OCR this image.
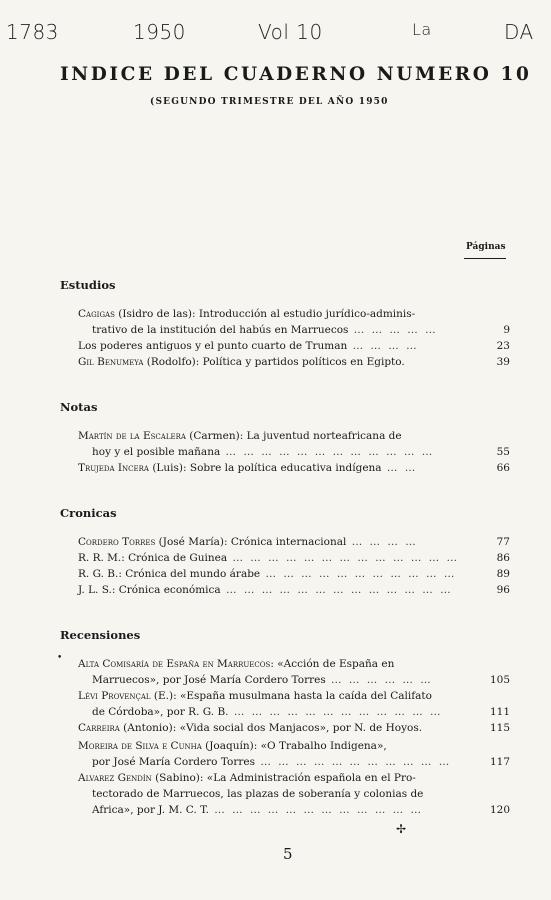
1783	1950	Vol 10	La	DA
INDICE DEL CUADERNO NUMERO 10
(SEGUNDO TRIMESTRE DEL AÑO 1950
Páginas
•
✢
5
Estudios
Cagigas (Isidro de las): Introducción al estudio jurídico-adminis-
trativo de la institución del habús en Marruecos … … … … …	9
Los poderes antiguos y el punto cuarto de Truman … … … …	23
Gil Benumeya (Rodolfo): Política y partidos políticos en Egipto.	39
Notas
Martín de la Escalera (Carmen): La juventud norteafricana de
hoy y el posible mañana … … … … … … … … … … … …	55
Trujeda Incera (Luis): Sobre la política educativa indígena … …	66
Cronicas
Cordero Torres (José María): Crónica internacional … … … …	77
R. R. M.: Crónica de Guinea … … … … … … … … … … … … …	86
R. G. B.: Crónica del mundo árabe … … … … … … … … … … …	89
J. L. S.: Crónica económica … … … … … … … … … … … … …	96
Recensiones
Alta Comisaría de España en Marruecos: «Acción de España en
Marruecos», por José María Cordero Torres … … … … … …	105
Lévi Provençal (E.): «España musulmana hasta la caída del Califato
de Córdoba», por R. G. B. … … … … … … … … … … … …	111
Carreira (Antonio): «Vida social dos Manjacos», por N. de Hoyos.	115
Moreira de Silva e Cunha (Joaquín): «O Trabalho Indigena»,
por José María Cordero Torres … … … … … … … … … … …	117
Alvarez Gendín (Sabino): «La Administración española en el Pro-
tectorado de Marruecos, las plazas de soberanía y colonias de
Africa», por J. M. C. T. … … … … … … … … … … … …	120
